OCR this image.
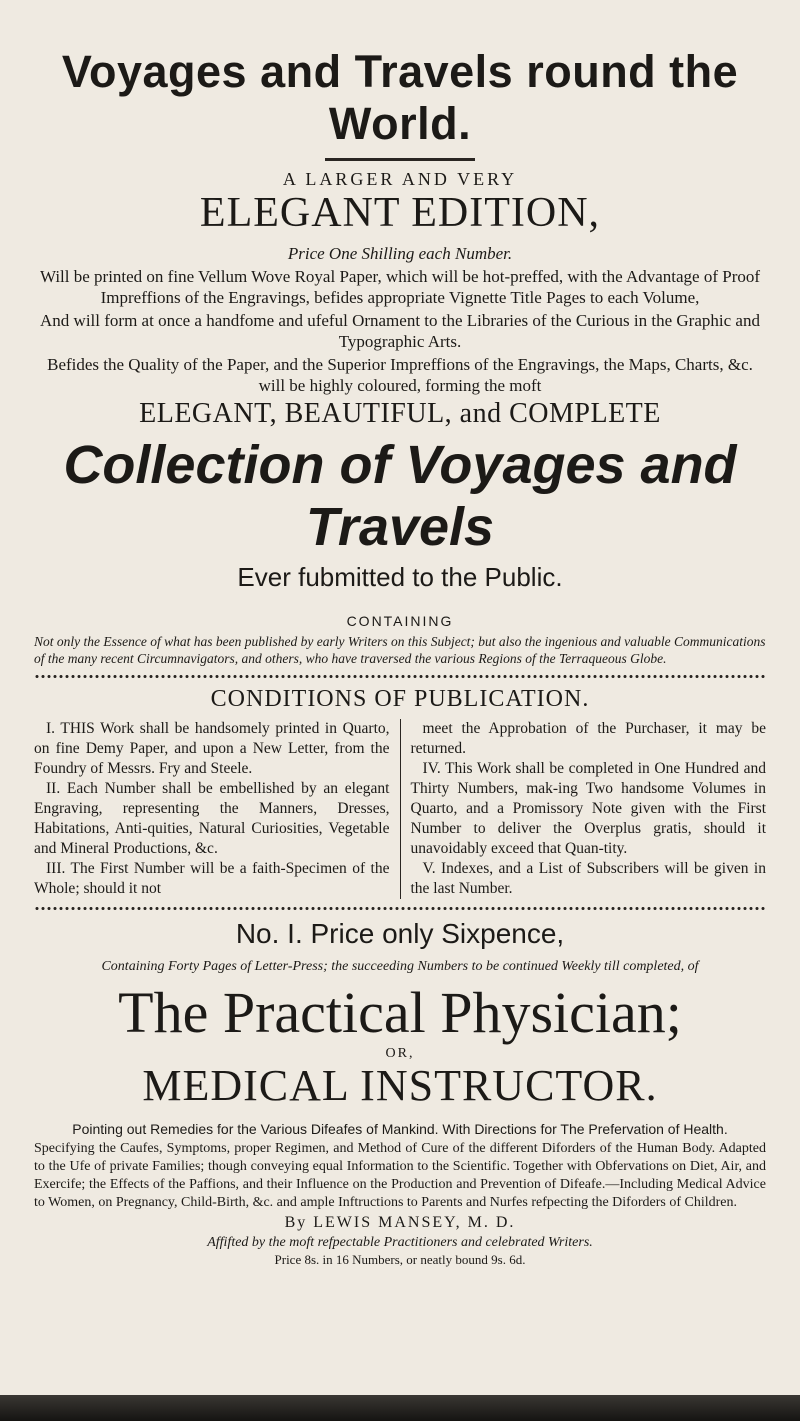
Voyages and Travels round the World.
A LARGER AND VERY
ELEGANT EDITION,
Price One Shilling each Number.

Will be printed on fine Vellum Wove Royal Paper, which will be hot-preffed, with the Advantage of Proof Impreffions of the Engravings, befides appropriate Vignette Title Pages to each Volume,

And will form at once a handfome and ufeful Ornament to the Libraries of the Curious in the Graphic and Typographic Arts.

Befides the Quality of the Paper, and the Superior Impreffions of the Engravings, the Maps, Charts, &c. will be highly coloured, forming the moft

ELEGANT, BEAUTIFUL, and COMPLETE
Collection of Voyages and Travels
Ever fubmitted to the Public.
CONTAINING
Not only the Essence of what has been published by early Writers on this Subject; but also the ingenious and valuable Communications of the many recent Circumnavigators, and others, who have traversed the various Regions of the Terraqueous Globe.
CONDITIONS OF PUBLICATION.

I. THIS Work shall be handsomely printed in Quarto, on fine Demy Paper, and upon a New Letter, from the Foundry of Messrs. Fry and Steele.

II. Each Number shall be embellished by an elegant Engraving, representing the Manners, Dresses, Habitations, Anti-quities, Natural Curiosities, Vegetable and Mineral Productions, &c.

III. The First Number will be a faith-Specimen of the Whole; should it not

meet the Approbation of the Purchaser, it may be returned.

IV. This Work shall be completed in One Hundred and Thirty Numbers, mak-ing Two handsome Volumes in Quarto, and a Promissory Note given with the First Number to deliver the Overplus gratis, should it unavoidably exceed that Quan-tity.

V. Indexes, and a List of Subscribers will be given in the last Number.

No. I. Price only Sixpence,
Containing Forty Pages of Letter-Press; the succeeding Numbers to be continued Weekly till completed, of
The Practical Physician;
OR,
MEDICAL INSTRUCTOR.
Pointing out Remedies for the Various Difeafes of Mankind. With Directions for The Prefervation of Health.
Specifying the Caufes, Symptoms, proper Regimen, and Method of Cure of the different Diforders of the Human Body. Adapted to the Ufe of private Families; though conveying equal Information to the Scientific. Together with Obfervations on Diet, Air, and Exercife; the Effects of the Paffions, and their Influence on the Production and Prevention of Difeafe.—Including Medical Advice to Women, on Pregnancy, Child-Birth, &c. and ample Inftructions to Parents and Nurfes refpecting the Diforders of Children.
By LEWIS MANSEY, M. D.
Affifted by the moft refpectable Practitioners and celebrated Writers.
Price 8s. in 16 Numbers, or neatly bound 9s. 6d.
